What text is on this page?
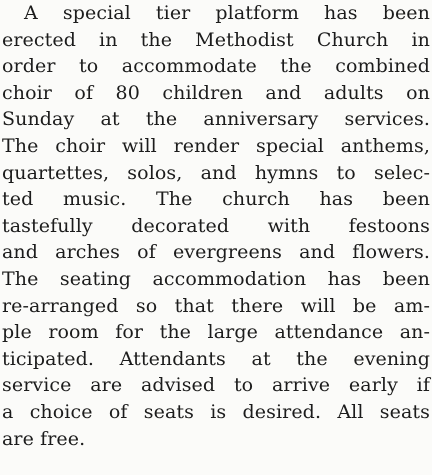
A special tier platform has been
erected in the Methodist Church in
order to accommodate the combined
choir of 80 children and adults on
Sunday at the anniversary services.
The choir will render special anthems,
quartettes, solos, and hymns to selec-
ted music. The church has been
tastefully decorated with festoons
and arches of evergreens and flowers.
The seating accommodation has been
re-arranged so that there will be am-
ple room for the large attendance an-
ticipated. Attendants at the evening
service are advised to arrive early if
a choice of seats is desired. All seats
are free.
